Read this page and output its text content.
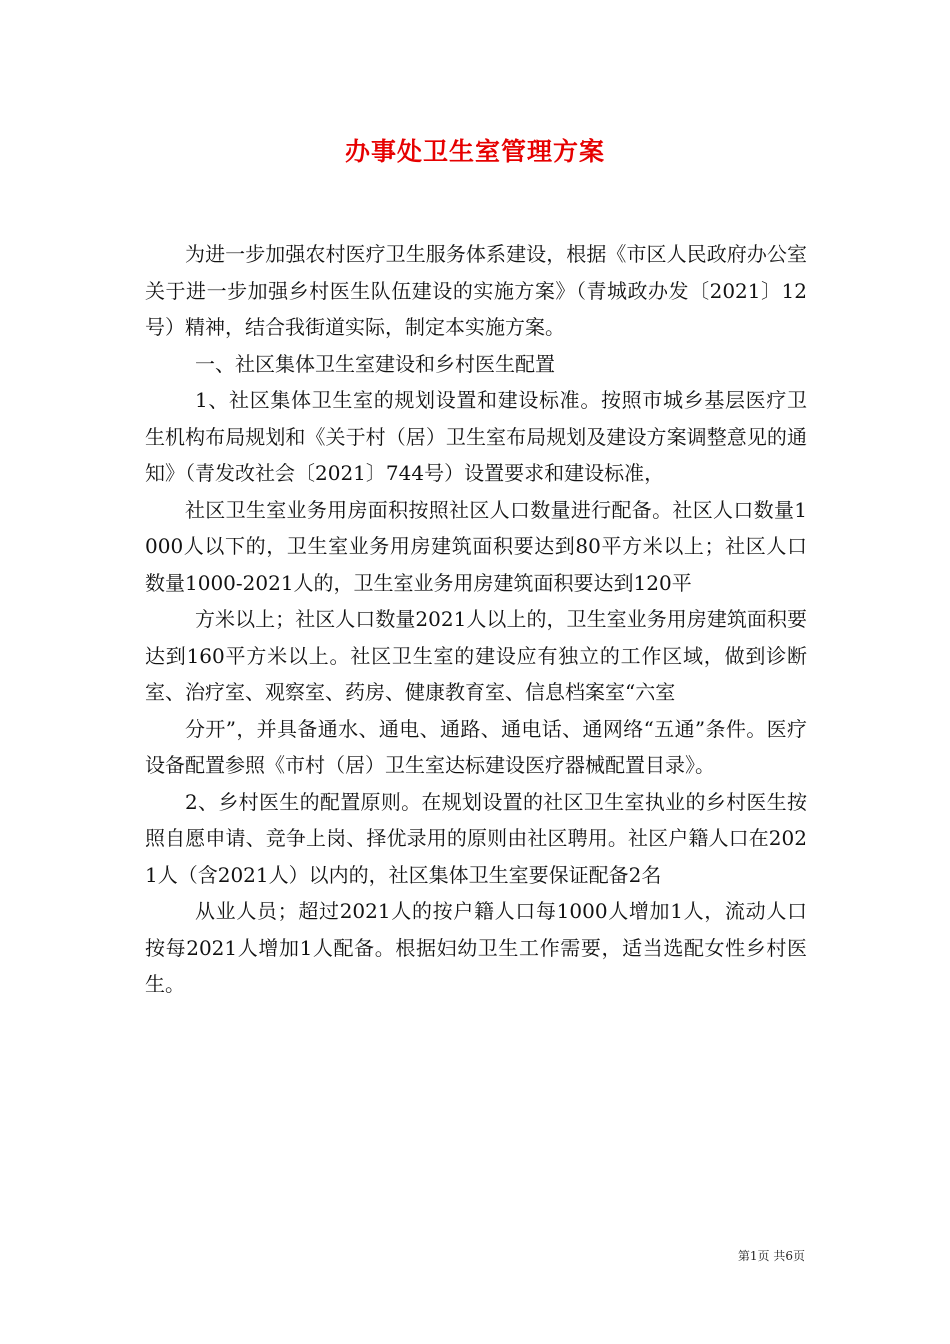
办事处卫生室管理方案

为进一步加强农村医疗卫生服务体系建设，根据《市区人民政府办公室关于进一步加强乡村医生队伍建设的实施方案》（青城政办发〔2021〕12号）精神，结合我街道实际，制定本实施方案。

一、社区集体卫生室建设和乡村医生配置

1、社区集体卫生室的规划设置和建设标准。按照市城乡基层医疗卫生机构布局规划和《关于村（居）卫生室布局规划及建设方案调整意见的通知》（青发改社会〔2021〕744号）设置要求和建设标准，

社区卫生室业务用房面积按照社区人口数量进行配备。社区人口数量1000人以下的，卫生室业务用房建筑面积要达到80平方米以上；社区人口数量1000-2021人的，卫生室业务用房建筑面积要达到120平

方米以上；社区人口数量2021人以上的，卫生室业务用房建筑面积要达到160平方米以上。社区卫生室的建设应有独立的工作区域，做到诊断室、治疗室、观察室、药房、健康教育室、信息档案室“六室

分开”，并具备通水、通电、通路、通电话、通网络“五通”条件。医疗设备配置参照《市村（居）卫生室达标建设医疗器械配置目录》。

2、乡村医生的配置原则。在规划设置的社区卫生室执业的乡村医生按照自愿申请、竞争上岗、择优录用的原则由社区聘用。社区户籍人口在2021人（含2021人）以内的，社区集体卫生室要保证配备2名

从业人员；超过2021人的按户籍人口每1000人增加1人，流动人口按每2021人增加1人配备。根据妇幼卫生工作需要，适当选配女性乡村医生。

第1页 共6页
